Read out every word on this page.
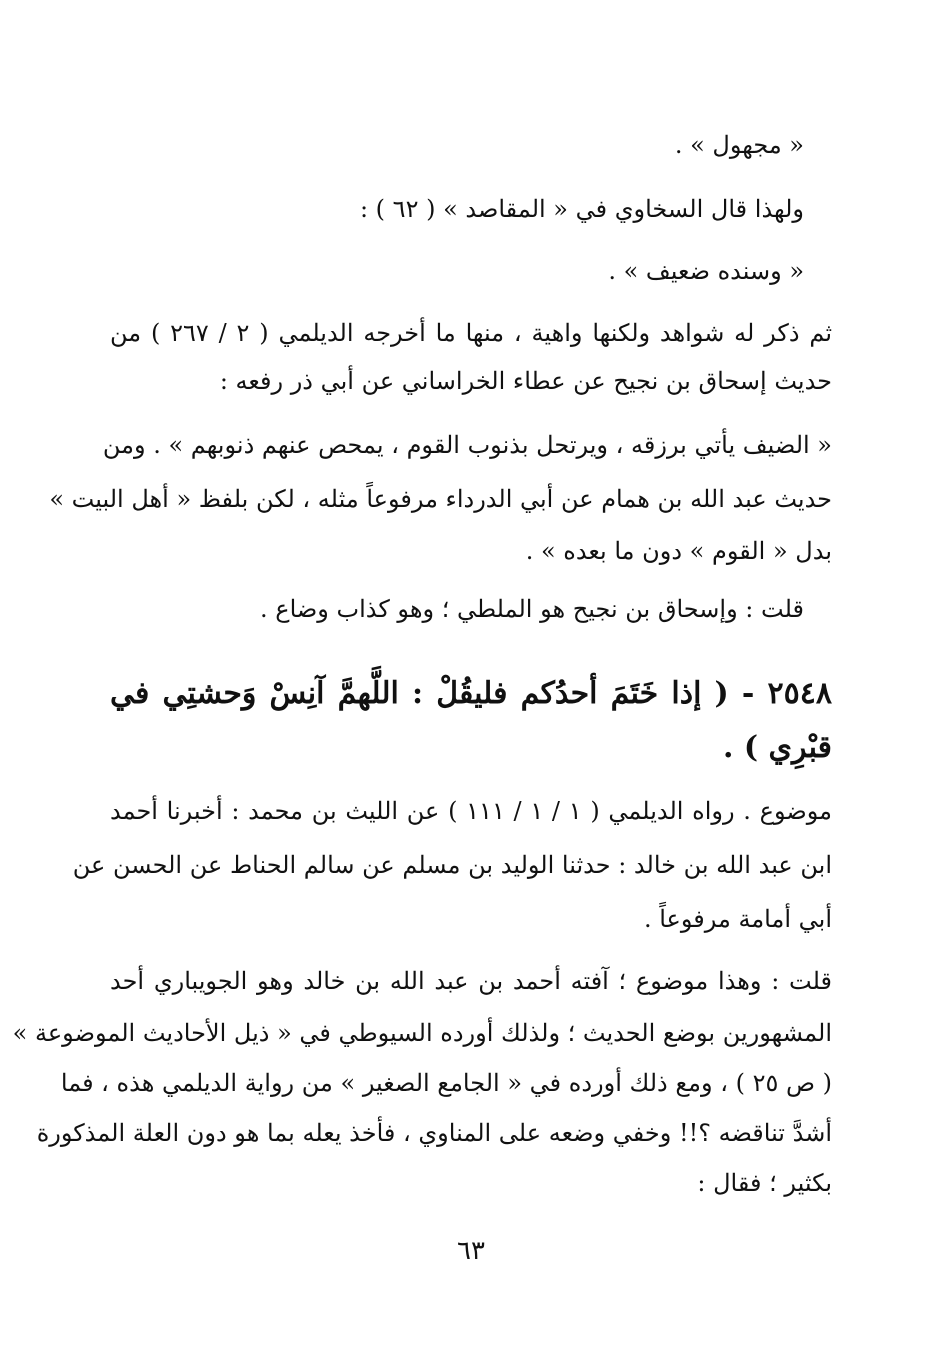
« مجهول » .
ولهذا قال السخاوي في « المقاصد » ( ٦٢ ) :
« وسنده ضعيف » .
ثم ذكر له شواهد ولكنها واهية ، منها ما أخرجه الديلمي ( ٢ / ٢٦٧ ) من
حديث إسحاق بن نجيح عن عطاء الخراساني عن أبي ذر رفعه :
« الضيف يأتي برزقه ، ويرتحل بذنوب القوم ، يمحص عنهم ذنوبهم » . ومن
حديث عبد الله بن همام عن أبي الدرداء مرفوعاً مثله ، لكن بلفظ « أهل البيت »
بدل « القوم » دون ما بعده » .
قلت : وإسحاق بن نجيح هو الملطي ؛ وهو كذاب وضاع .
٢٥٤٨ - ( إذا خَتَمَ أحدُكم فليقُلْ : اللَّهمَّ آنِسْ وَحشتِي في
قبْرِي ) .
موضوع . رواه الديلمي ( ١ / ١ / ١١١ ) عن الليث بن محمد : أخبرنا أحمد
ابن عبد الله بن خالد : حدثنا الوليد بن مسلم عن سالم الحناط عن الحسن عن
أبي أمامة مرفوعاً .
قلت : وهذا موضوع ؛ آفته أحمد بن عبد الله بن خالد وهو الجويباري أحد
المشهورين بوضع الحديث ؛ ولذلك أورده السيوطي في « ذيل الأحاديث الموضوعة »
( ص ٢٥ ) ، ومع ذلك أورده في « الجامع الصغير » من رواية الديلمي هذه ، فما
أشدَّ تناقضه ؟!! وخفي وضعه على المناوي ، فأخذ يعله بما هو دون العلة المذكورة
بكثير ؛ فقال :
٦٣
